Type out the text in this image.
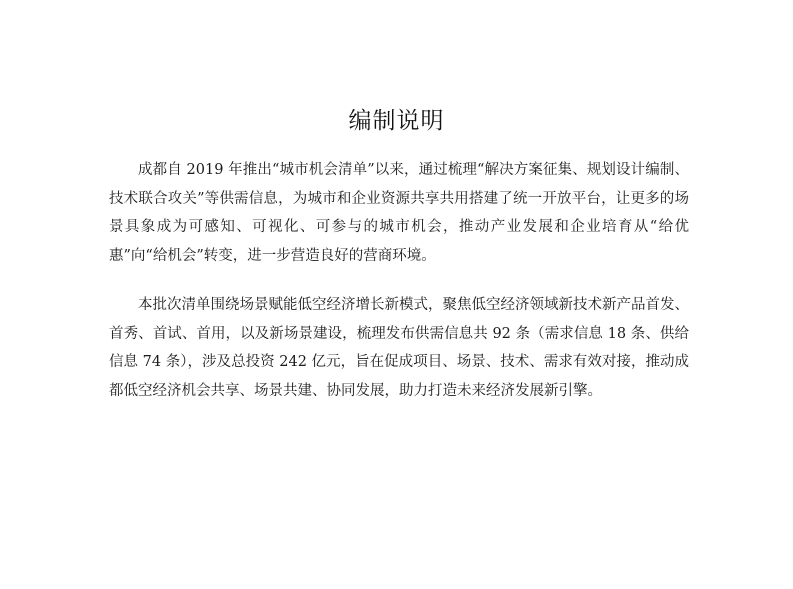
编制说明

成都自 2019 年推出“城市机会清单”以来，通过梳理“解决方案征集、规划设计编制、技术联合攻关”等供需信息，为城市和企业资源共享共用搭建了统一开放平台，让更多的场景具象成为可感知、可视化、可参与的城市机会，推动产业发展和企业培育从“给优惠”向“给机会”转变，进一步营造良好的营商环境。

本批次清单围绕场景赋能低空经济增长新模式，聚焦低空经济领域新技术新产品首发、首秀、首试、首用，以及新场景建设，梳理发布供需信息共 92 条（需求信息 18 条、供给信息 74 条），涉及总投资 242 亿元，旨在促成项目、场景、技术、需求有效对接，推动成都低空经济机会共享、场景共建、协同发展，助力打造未来经济发展新引擎。
